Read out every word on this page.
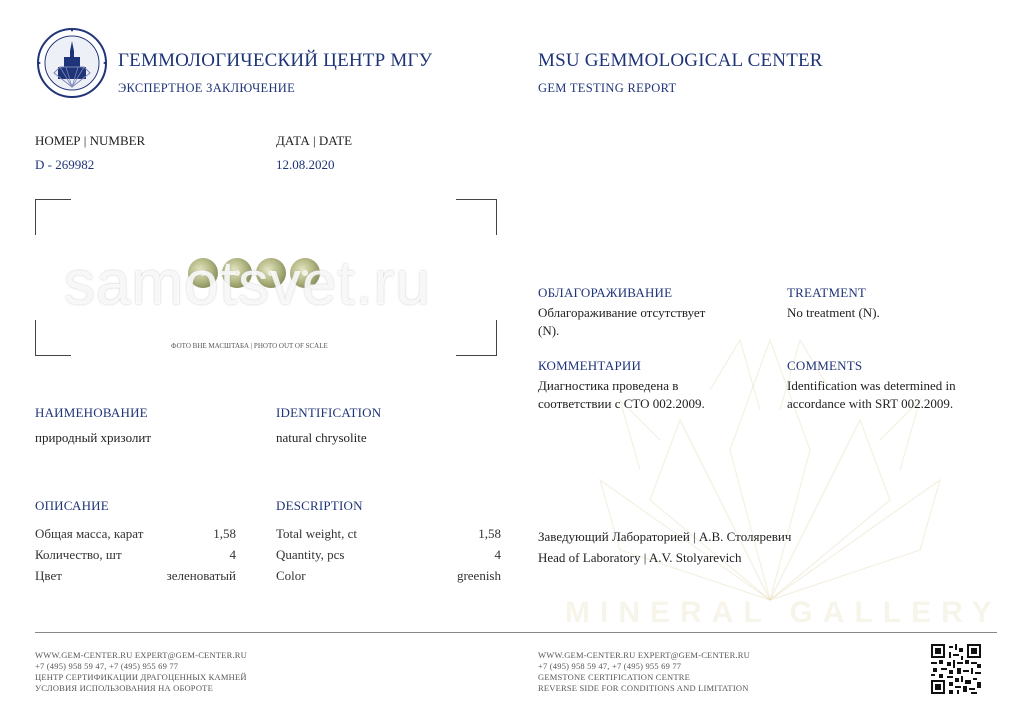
MINERAL GALLERY
ГЕММОЛОГИЧЕСКИЙ ЦЕНТР МГУ
ЭКСПЕРТНОЕ ЗАКЛЮЧЕНИЕ
MSU GEMMOLOGICAL CENTER
GEM TESTING REPORT
НОМЕР | NUMBER
D - 269982
ДАТА | DATE
12.08.2020
samotsvet.ru
ФОТО ВНЕ МАСШТАБА | PHOTO OUT OF SCALE
НАИМЕНОВАНИЕ
природный хризолит
IDENTIFICATION
natural chrysolite
ОПИСАНИЕ	DESCRIPTION
Общая масса, карат	1,58
Количество, шт	4
Цвет	зеленоватый
Total weight, ct	1,58
Quantity, pcs	4
Color	greenish
ОБЛАГОРАЖИВАНИЕ
Облагораживание отсутствует
(N).
TREATMENT
No treatment (N).
КОММЕНТАРИИ
Диагностика проведена в
соответствии с СТО 002.2009.
COMMENTS
Identification was determined in
accordance with SRT 002.2009.
Заведующий Лабораторией | А.В. Столяревич
Head of Laboratory | A.V. Stolyarevich
WWW.GEM-CENTER.RU EXPERT@GEM-CENTER.RU
+7 (495) 958 59 47, +7 (495) 955 69 77
ЦЕНТР СЕРТИФИКАЦИИ ДРАГОЦЕННЫХ КАМНЕЙ
УСЛОВИЯ ИСПОЛЬЗОВАНИЯ НА ОБОРОТЕ
WWW.GEM-CENTER.RU EXPERT@GEM-CENTER.RU
+7 (495) 958 59 47, +7 (495) 955 69 77
GEMSTONE CERTIFICATION CENTRE
REVERSE SIDE FOR CONDITIONS AND LIMITATION
